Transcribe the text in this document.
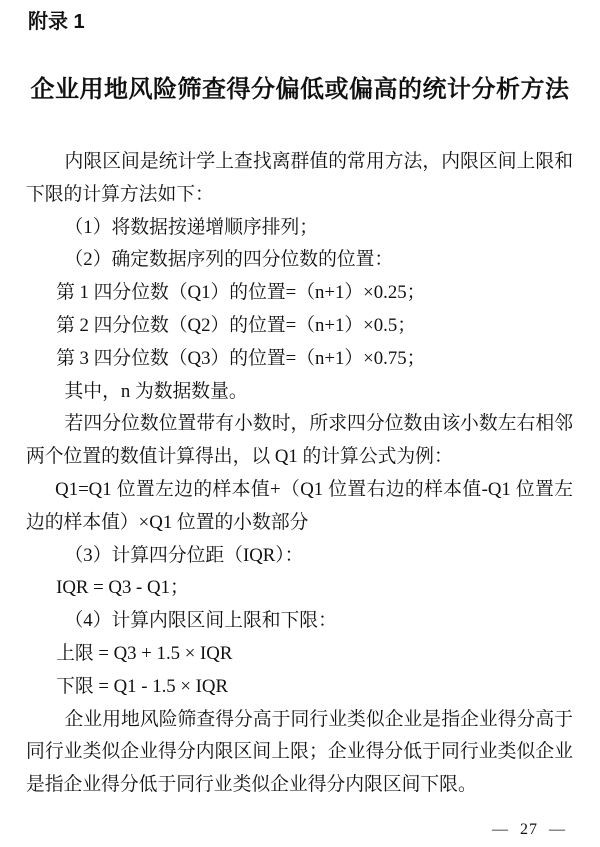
附录 1
企业用地风险筛查得分偏低或偏高的统计分析方法

内限区间是统计学上查找离群值的常用方法，内限区间上限和下限的计算方法如下：

（1）将数据按递增顺序排列；

（2）确定数据序列的四分位数的位置：

第 1 四分位数（Q1）的位置=（n+1）×0.25；

第 2 四分位数（Q2）的位置=（n+1）×0.5；

第 3 四分位数（Q3）的位置=（n+1）×0.75；

其中，n 为数据数量。

若四分位数位置带有小数时，所求四分位数由该小数左右相邻两个位置的数值计算得出，以 Q1 的计算公式为例：

Q1=Q1 位置左边的样本值+（Q1 位置右边的样本值-Q1 位置左边的样本值）×Q1 位置的小数部分

（3）计算四分位距（IQR）：

IQR = Q3 - Q1；

（4）计算内限区间上限和下限：

上限 = Q3 + 1.5 × IQR

下限 = Q1 - 1.5 × IQR

企业用地风险筛查得分高于同行业类似企业是指企业得分高于同行业类似企业得分内限区间上限；企业得分低于同行业类似企业是指企业得分低于同行业类似企业得分内限区间下限。

— 27 —
